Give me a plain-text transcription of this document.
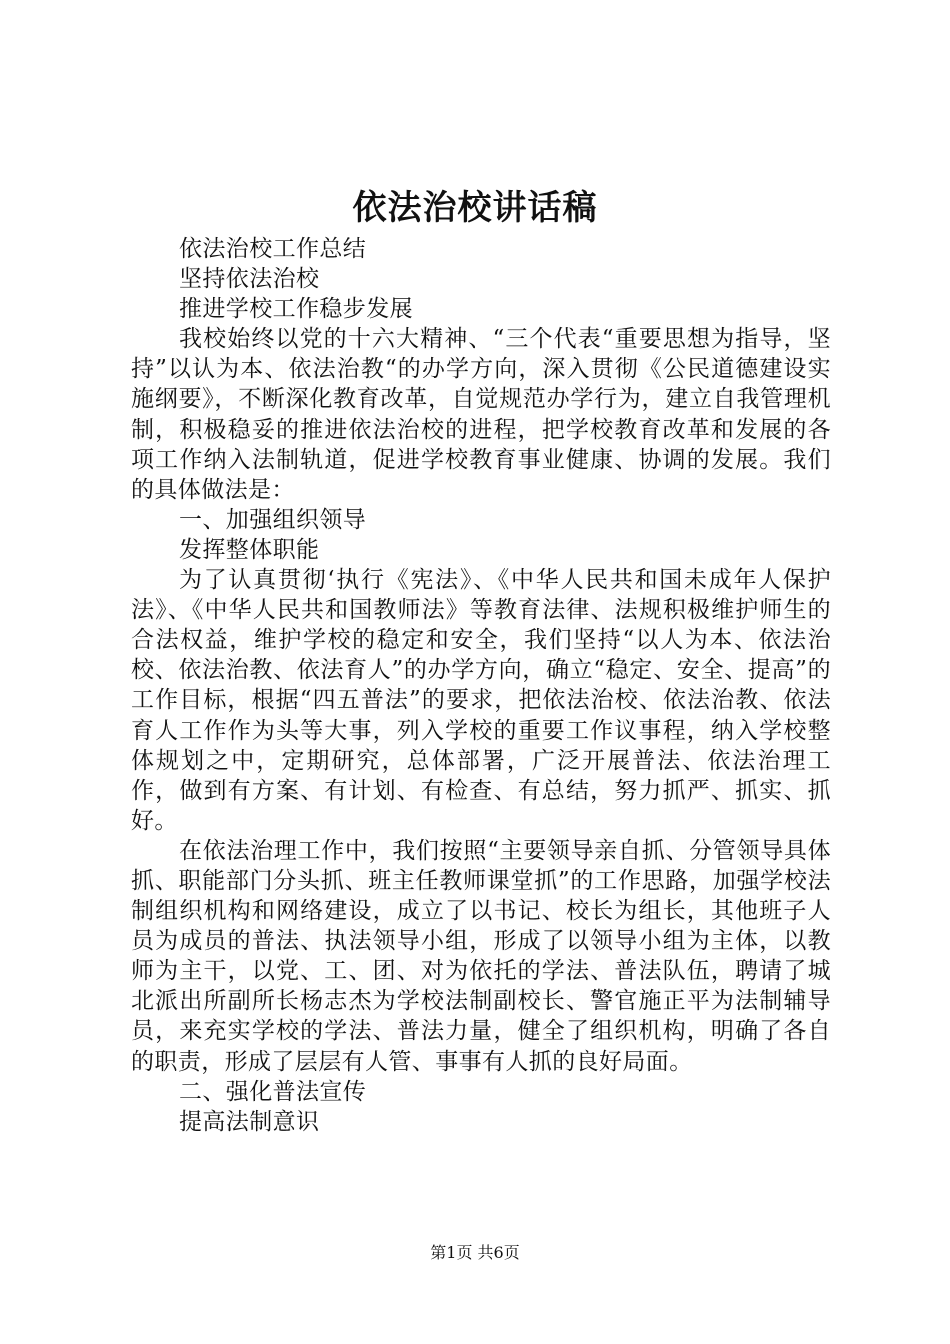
依法治校讲话稿

依法治校工作总结

坚持依法治校

推进学校工作稳步发展

我校始终以党的十六大精神、“三个代表“重要思想为指导，坚持”以认为本、依法治教“的办学方向，深入贯彻《公民道德建设实施纲要》，不断深化教育改革，自觉规范办学行为，建立自我管理机制，积极稳妥的推进依法治校的进程，把学校教育改革和发展的各项工作纳入法制轨道，促进学校教育事业健康、协调的发展。我们的具体做法是：

一、加强组织领导

发挥整体职能

为了认真贯彻‘执行《宪法》、《中华人民共和国未成年人保护法》、《中华人民共和国教师法》等教育法律、法规积极维护师生的合法权益，维护学校的稳定和安全，我们坚持“以人为本、依法治校、依法治教、依法育人”的办学方向，确立“稳定、安全、提高”的工作目标，根据“四五普法”的要求，把依法治校、依法治教、依法育人工作作为头等大事，列入学校的重要工作议事程，纳入学校整体规划之中，定期研究，总体部署，广泛开展普法、依法治理工作，做到有方案、有计划、有检查、有总结，努力抓严、抓实、抓好。

在依法治理工作中，我们按照“主要领导亲自抓、分管领导具体抓、职能部门分头抓、班主任教师课堂抓”的工作思路，加强学校法制组织机构和网络建设，成立了以书记、校长为组长，其他班子人员为成员的普法、执法领导小组，形成了以领导小组为主体，以教师为主干，以党、工、团、对为依托的学法、普法队伍，聘请了城北派出所副所长杨志杰为学校法制副校长、警官施正平为法制辅导员，来充实学校的学法、普法力量，健全了组织机构，明确了各自的职责，形成了层层有人管、事事有人抓的良好局面。

二、强化普法宣传

提高法制意识

第1页 共6页
